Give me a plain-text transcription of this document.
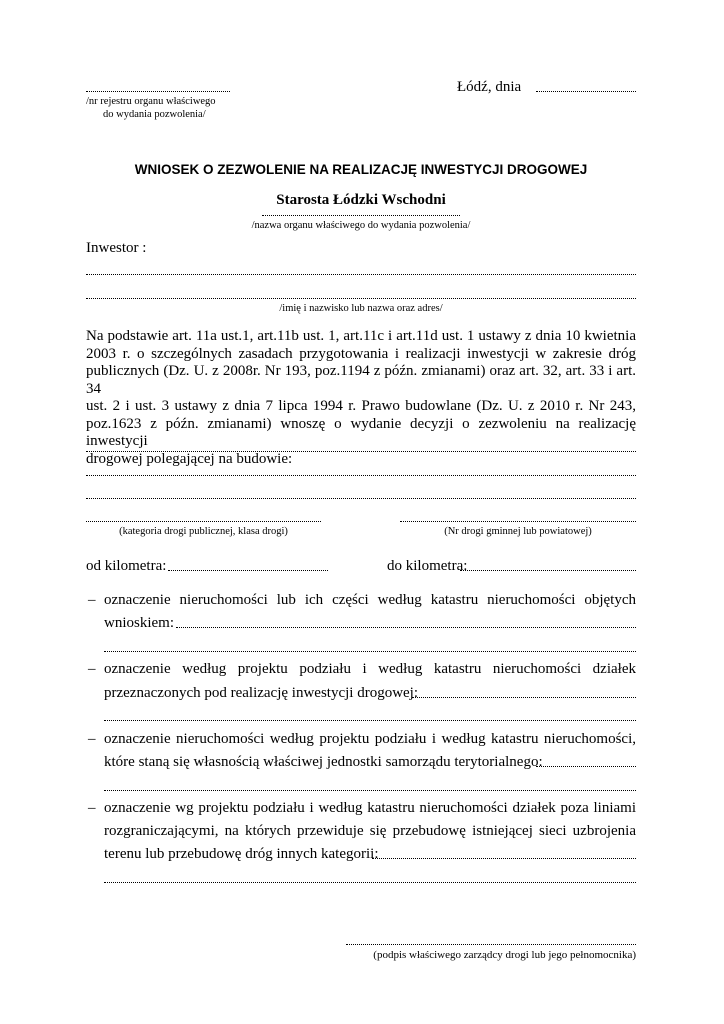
/nr rejestru organu właściwego
do wydania pozwolenia/
Łódź, dnia
WNIOSEK O ZEZWOLENIE NA REALIZACJĘ INWESTYCJI DROGOWEJ
Starosta Łódzki Wschodni
/nazwa organu właściwego do wydania pozwolenia/
Inwestor :
/imię i nazwisko lub nazwa oraz adres/
Na podstawie art. 11a ust.1, art.11b ust. 1, art.11c i art.11d ust. 1 ustawy z dnia 10 kwietnia
2003 r. o szczególnych zasadach przygotowania i realizacji inwestycji w zakresie dróg
publicznych (Dz. U. z 2008r. Nr 193, poz.1194 z późn. zmianami) oraz art. 32, art. 33 i art. 34
ust. 2 i ust. 3 ustawy z dnia 7 lipca 1994 r. Prawo budowlane (Dz. U. z 2010 r. Nr 243,
poz.1623 z późn. zmianami) wnoszę o wydanie decyzji o zezwoleniu na realizację inwestycji
drogowej polegającej na budowie:
(kategoria drogi publicznej, klasa drogi)	(Nr drogi gminnej lub powiatowej)
od kilometra:	do kilometra:
– oznaczenie nieruchomości lub ich części według katastru nieruchomości objętych
wnioskiem:
– oznaczenie według projektu podziału i według katastru nieruchomości działek
przeznaczonych pod realizację inwestycji drogowej:
– oznaczenie nieruchomości według projektu podziału i według katastru nieruchomości,
które staną się własnością właściwej jednostki samorządu terytorialnego:
– oznaczenie wg projektu podziału i według katastru nieruchomości działek poza liniami
rozgraniczającymi, na których przewiduje się przebudowę istniejącej sieci uzbrojenia
terenu lub przebudowę dróg innych kategorii:
(podpis właściwego zarządcy drogi lub jego pełnomocnika)
